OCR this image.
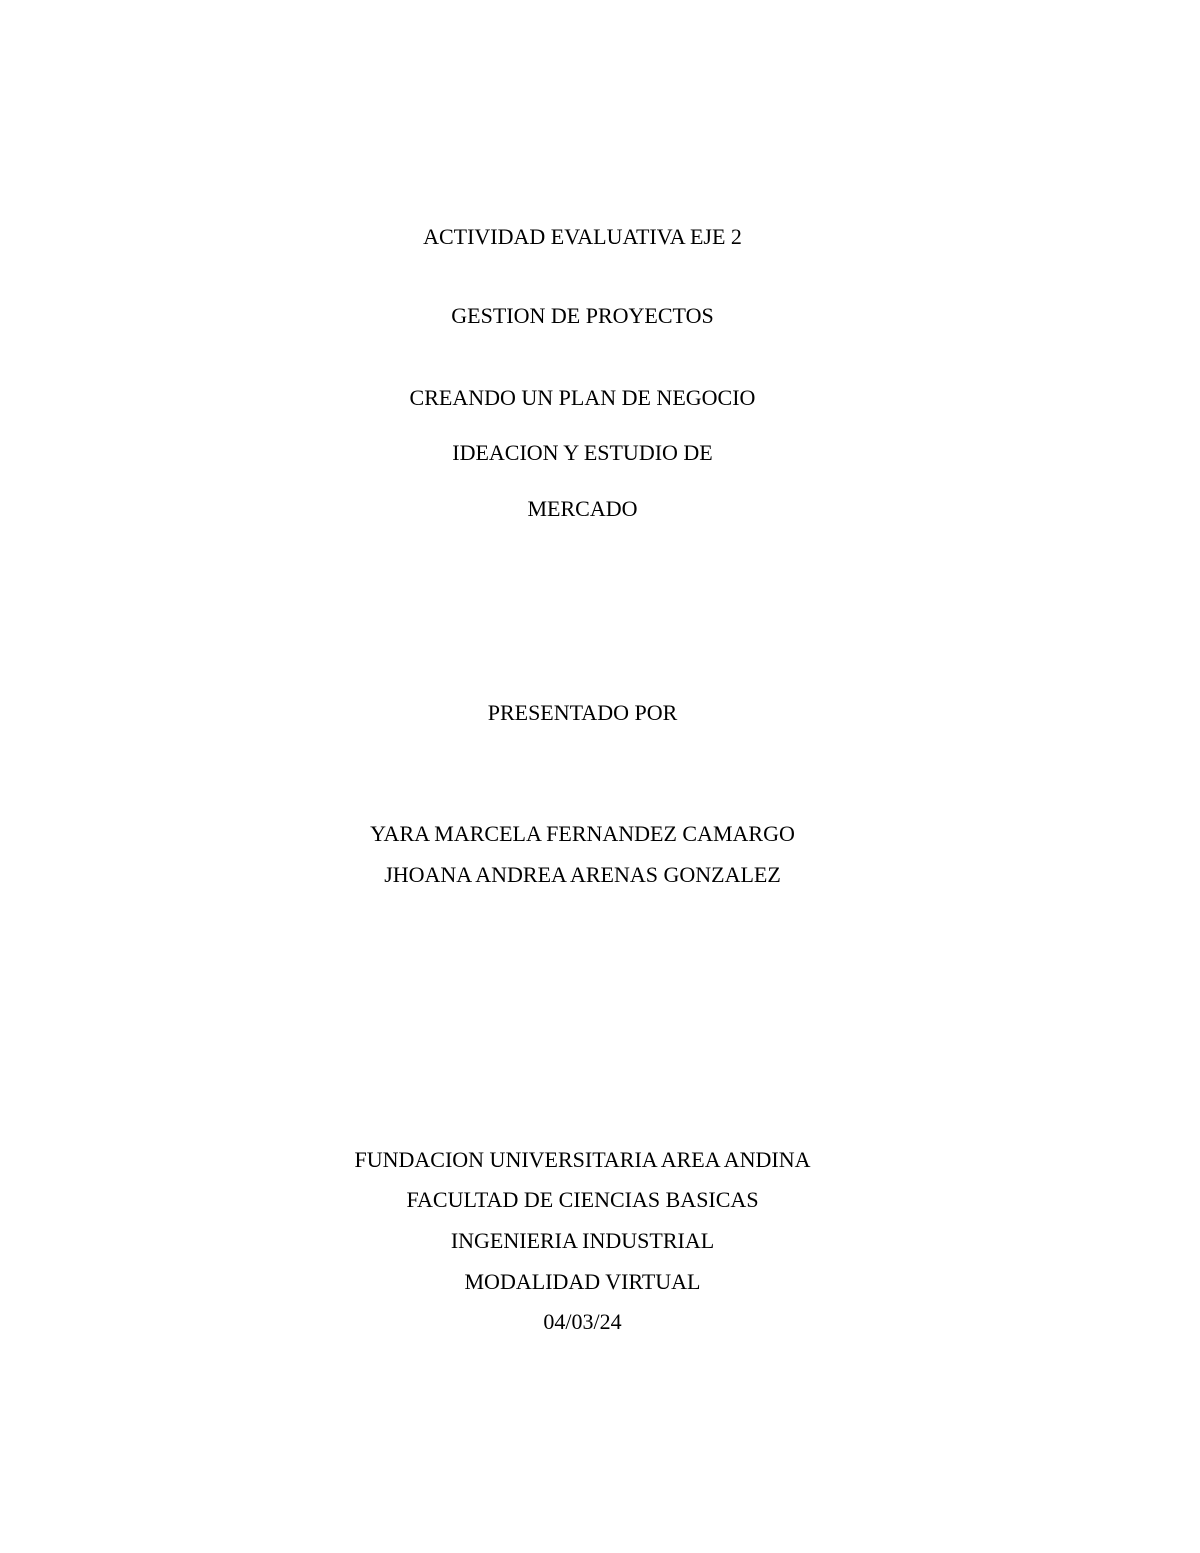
ACTIVIDAD EVALUATIVA EJE 2
GESTION DE PROYECTOS
CREANDO UN PLAN DE NEGOCIO
IDEACION Y ESTUDIO DE
MERCADO
PRESENTADO POR
YARA MARCELA FERNANDEZ CAMARGO
JHOANA ANDREA ARENAS GONZALEZ
FUNDACION UNIVERSITARIA AREA ANDINA
FACULTAD DE CIENCIAS BASICAS
INGENIERIA INDUSTRIAL
MODALIDAD VIRTUAL
04/03/24
